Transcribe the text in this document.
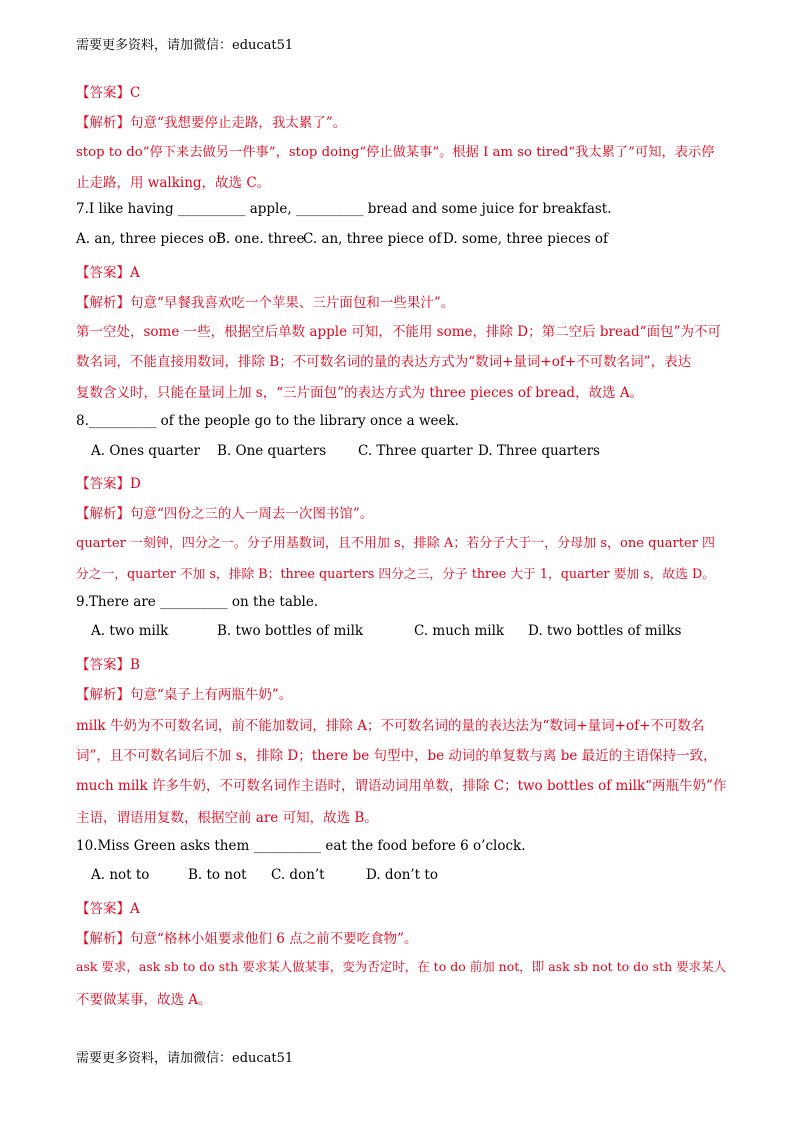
需要更多资料，请加微信：educat51
【答案】C
【解析】句意“我想要停止走路，我太累了”。
stop to do“停下来去做另一件事”，stop doing“停止做某事”。根据 I am so tired“我太累了”可知，表示停
止走路，用 walking，故选 C。
7.I like having __________ apple, __________ bread and some juice for breakfast.
A. an, three pieces of
B. one. three
C. an, three piece of D. some, three pieces of
【答案】A
【解析】句意“早餐我喜欢吃一个苹果、三片面包和一些果汁”。
第一空处，some 一些，根据空后单数 apple 可知，不能用 some，排除 D；第二空后 bread“面包”为不可
数名词，不能直接用数词，排除 B；不可数名词的量的表达方式为“数词+量词+of+不可数名词”，表达
复数含义时，只能在量词上加 s，“三片面包”的表达方式为 three pieces of bread，故选 A。
8.__________ of the people go to the library once a week.
A. Ones quarter B. One quarters C. Three quarter D. Three quarters
【答案】D
【解析】句意“四份之三的人一周去一次图书馆”。
quarter 一刻钟，四分之一。分子用基数词，且不用加 s，排除 A；若分子大于一，分母加 s，one quarter 四
分之一，quarter 不加 s，排除 B；three quarters 四分之三，分子 three 大于 1，quarter 要加 s，故选 D。
9.There are __________ on the table.
A. two milk	B. two bottles of milk	C. much milk D. two bottles of milks
【答案】B
【解析】句意“桌子上有两瓶牛奶”。
milk 牛奶为不可数名词，前不能加数词，排除 A；不可数名词的量的表达法为“数词+量词+of+不可数名
词”，且不可数名词后不加 s，排除 D；there be 句型中，be 动词的单复数与离 be 最近的主语保持一致，
much milk 许多牛奶，不可数名词作主语时，谓语动词用单数，排除 C；two bottles of milk“两瓶牛奶”作
主语，谓语用复数，根据空前 are 可知，故选 B。
10.Miss Green asks them __________ eat the food before 6 o’clock.
A. not to	B. to not C. don’t	D. don’t to
【答案】A
【解析】句意“格林小姐要求他们 6 点之前不要吃食物”。
ask 要求，ask sb to do sth 要求某人做某事，变为否定时，在 to do 前加 not，即 ask sb not to do sth 要求某人
不要做某事，故选 A。
需要更多资料，请加微信：educat51
